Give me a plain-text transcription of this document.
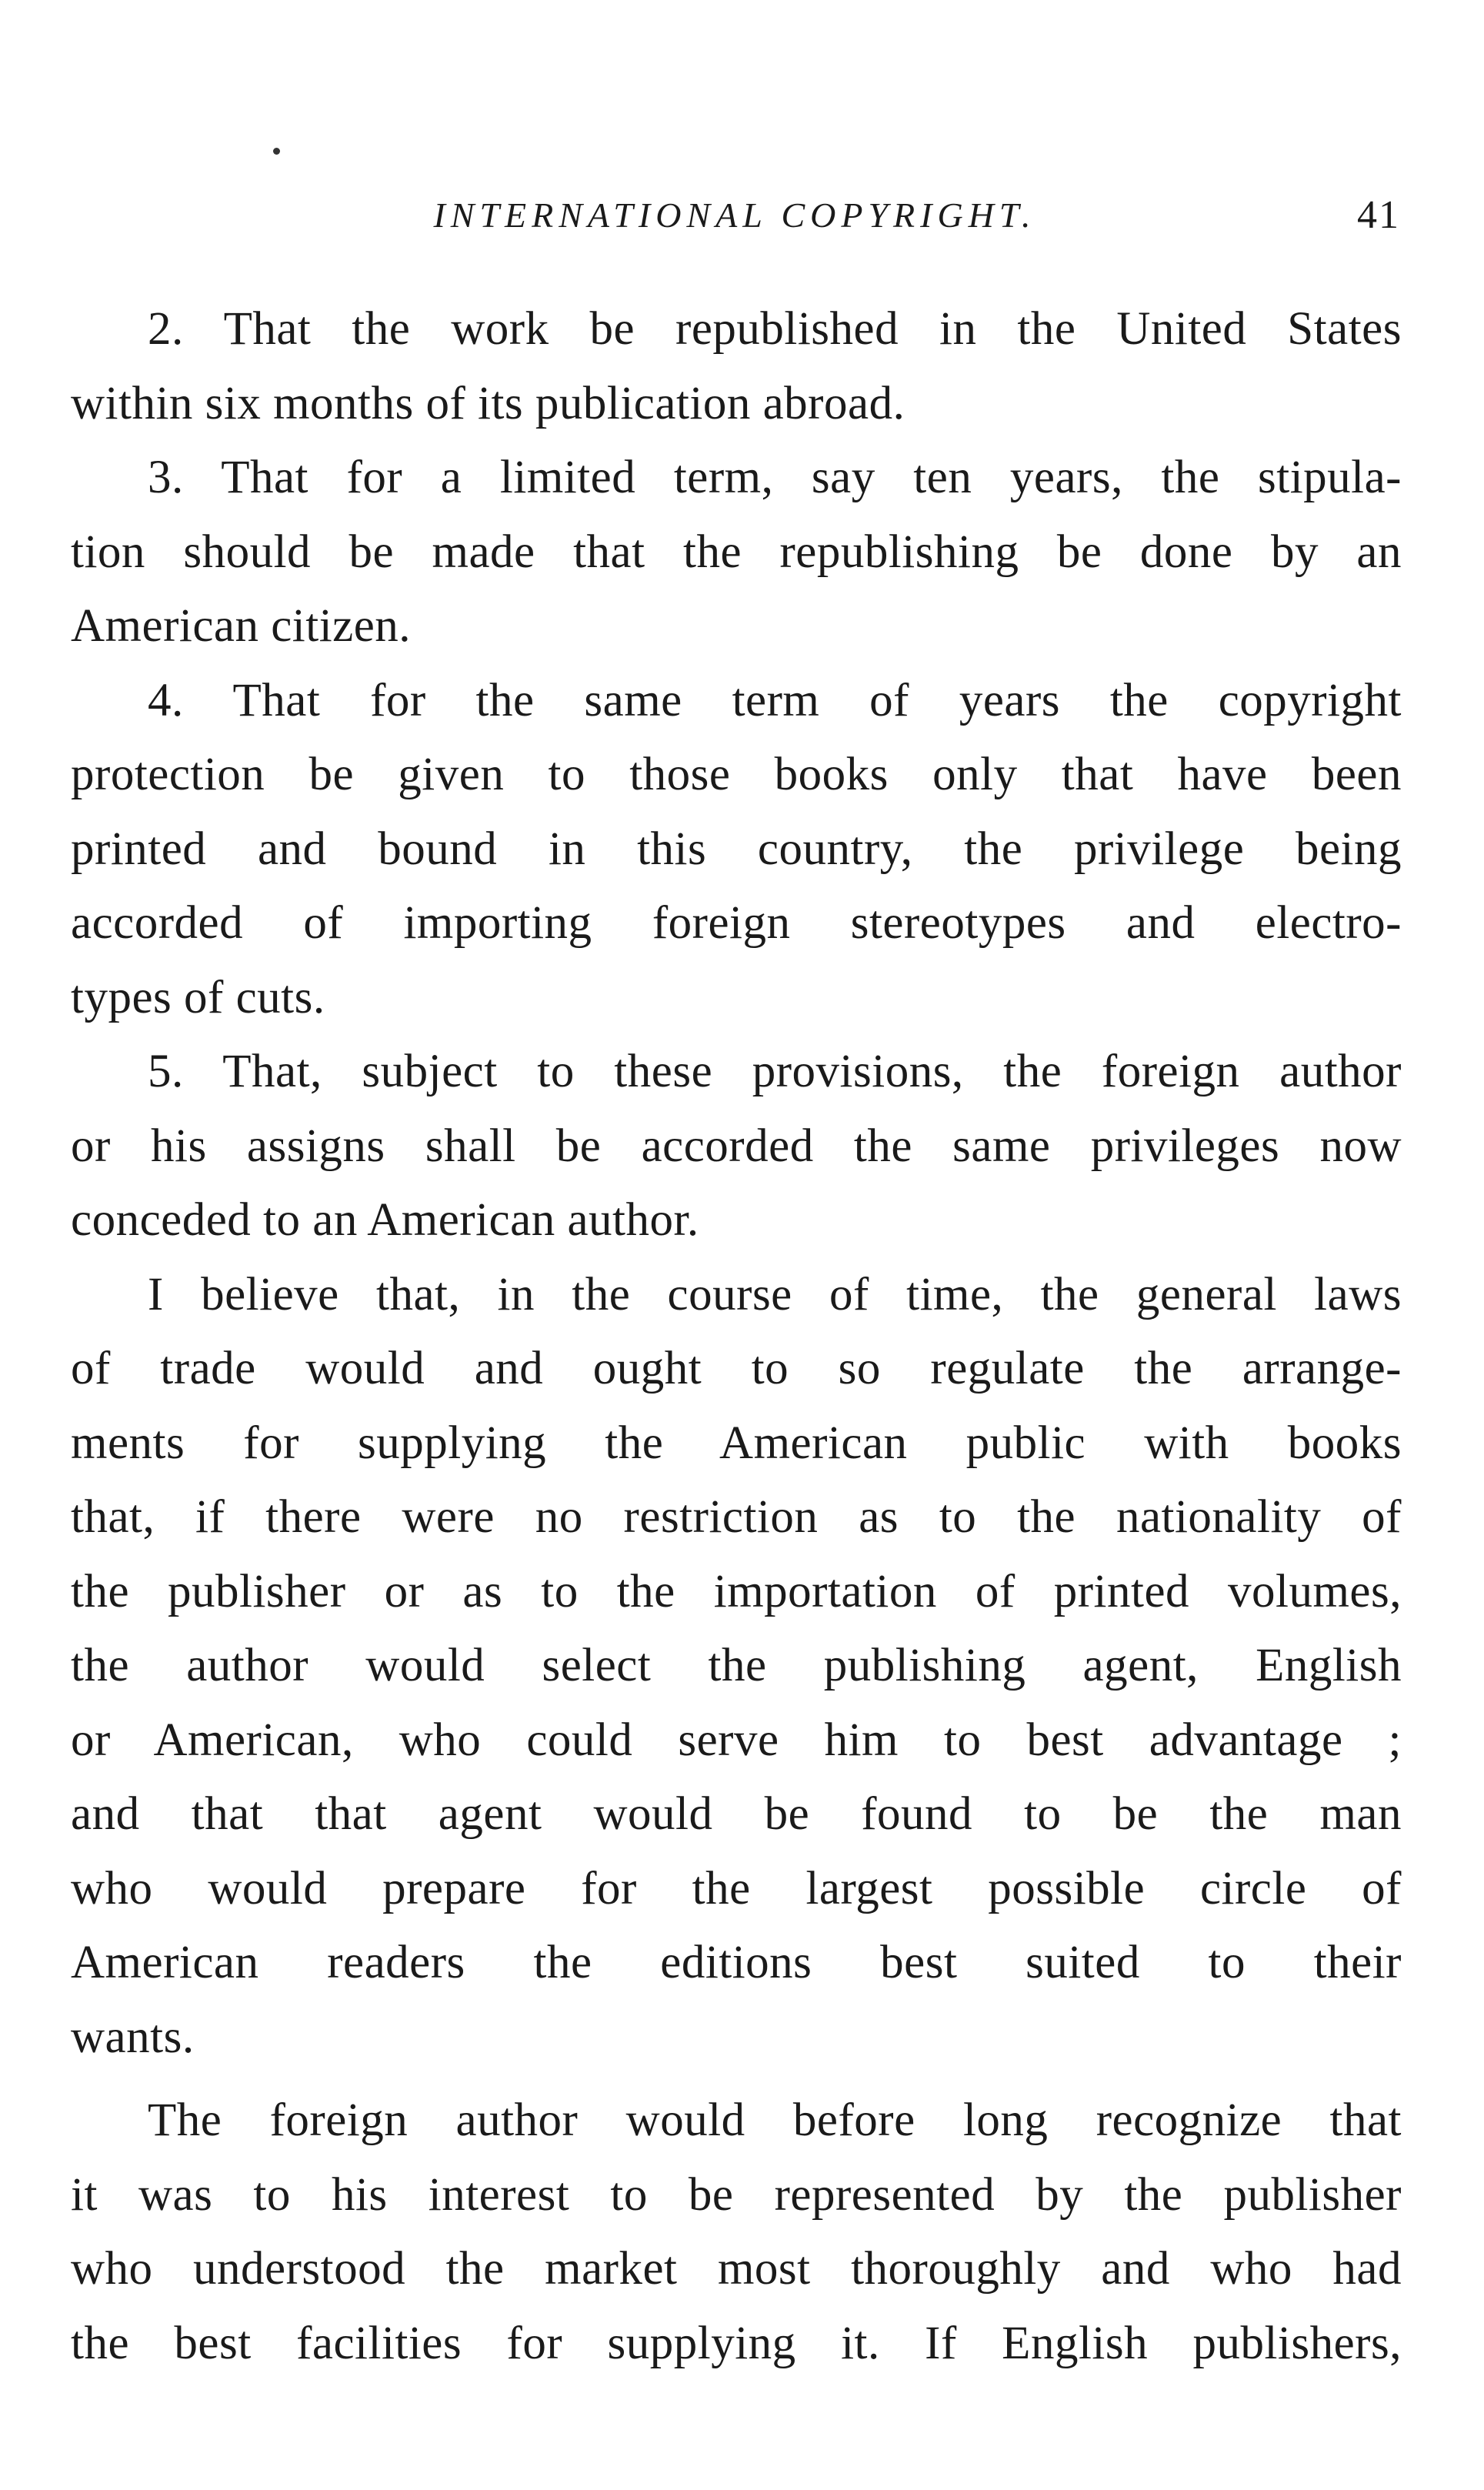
INTERNATIONAL COPYRIGHT.	41
2. That the work be republished in the United States
within six months of its publication abroad.
3. That for a limited term, say ten years, the stipula-
tion should be made that the republishing be done by an
American citizen.
4. That for the same term of years the copyright
protection be given to those books only that have been
printed and bound in this country, the privilege being
accorded of importing foreign stereotypes and electro-
types of cuts.
5. That, subject to these provisions, the foreign author
or his assigns shall be accorded the same privileges now
conceded to an American author.
I believe that, in the course of time, the general laws
of trade would and ought to so regulate the arrange-
ments for supplying the American public with books
that, if there were no restriction as to the nationality of
the publisher or as to the importation of printed volumes,
the author would select the publishing agent, English
or American, who could serve him to best advantage ;
and that that agent would be found to be the man
who would prepare for the largest possible circle of
American readers the editions best suited to their
wants.
The foreign author would before long recognize that
it was to his interest to be represented by the publisher
who understood the market most thoroughly and who had
the best facilities for supplying it. If English publishers,
